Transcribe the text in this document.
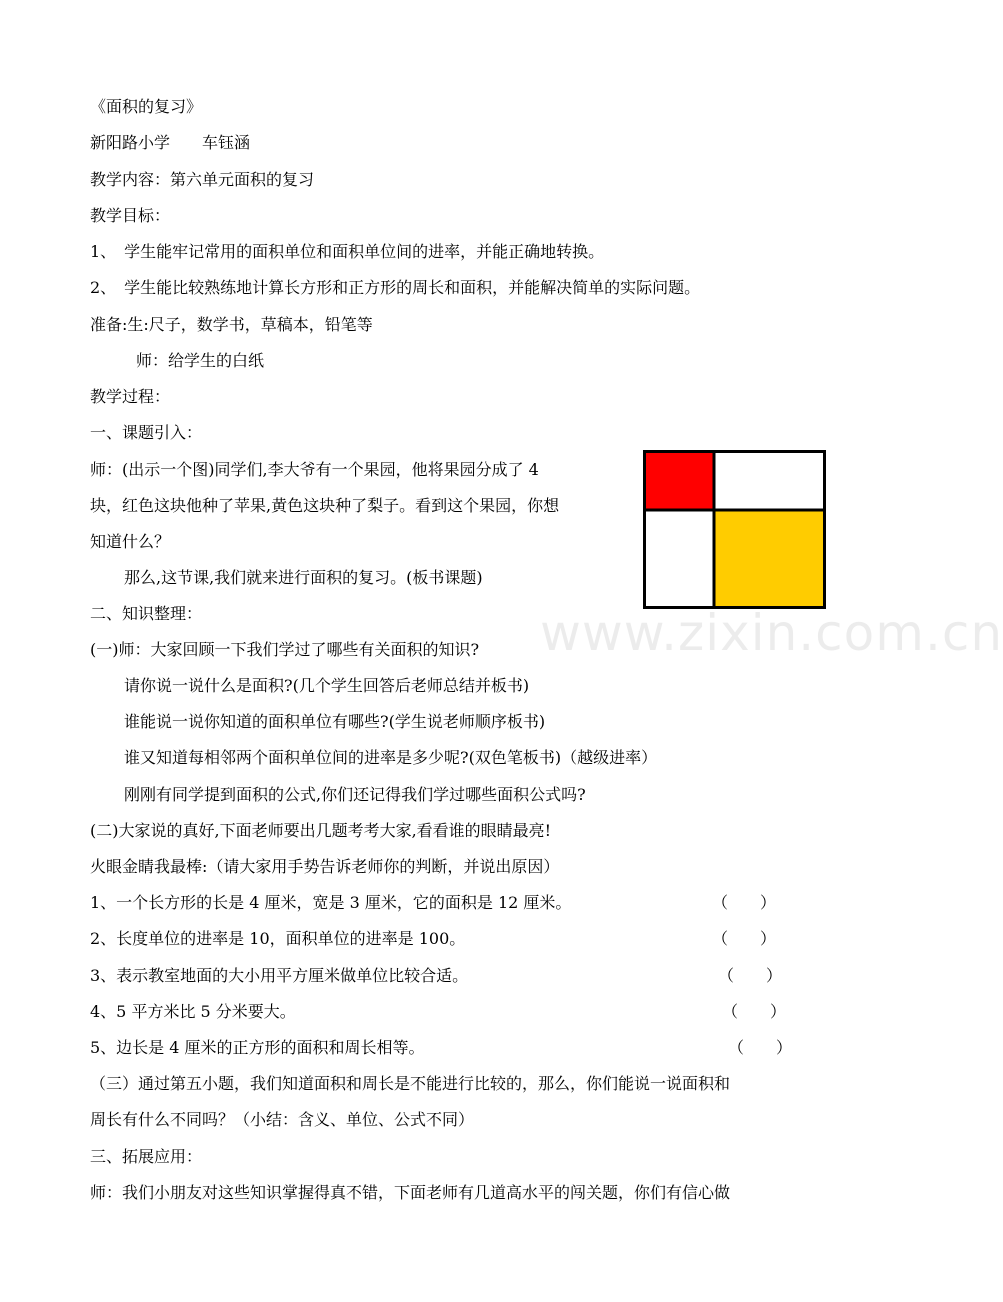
《面积的复习》
新阳路小学　　车钰涵
教学内容：第六单元面积的复习
教学目标：
1、　学生能牢记常用的面积单位和面积单位间的进率，并能正确地转换。
2、　学生能比较熟练地计算长方形和正方形的周长和面积，并能解决简单的实际问题。
准备:生:尺子，数学书，草稿本，铅笔等
师：给学生的白纸
教学过程：
一、课题引入：
师：(出示一个图)同学们,李大爷有一个果园，他将果园分成了 4
块，红色这块他种了苹果,黄色这块种了梨子。看到这个果园，你想
知道什么？
那么,这节课,我们就来进行面积的复习。(板书课题)
二、知识整理：	www.zixin.com.cn
(一)师：大家回顾一下我们学过了哪些有关面积的知识?
请你说一说什么是面积?(几个学生回答后老师总结并板书)
谁能说一说你知道的面积单位有哪些?(学生说老师顺序板书)
谁又知道每相邻两个面积单位间的进率是多少呢?(双色笔板书)（越级进率）
刚刚有同学提到面积的公式,你们还记得我们学过哪些面积公式吗?
(二)大家说的真好,下面老师要出几题考考大家,看看谁的眼睛最亮!
火眼金睛我最棒:（请大家用手势告诉老师你的判断，并说出原因）
1、一个长方形的长是 4 厘米，宽是 3 厘米，它的面积是 12 厘米。	（　　）
2、长度单位的进率是 10，面积单位的进率是 100。	（　　）
3、表示教室地面的大小用平方厘米做单位比较合适。	（　　）
4、5 平方米比 5 分米要大。	（　　）
5、边长是 4 厘米的正方形的面积和周长相等。	（　　）
（三）通过第五小题，我们知道面积和周长是不能进行比较的，那么，你们能说一说面积和
周长有什么不同吗？（小结：含义、单位、公式不同）
三、拓展应用：
师：我们小朋友对这些知识掌握得真不错，下面老师有几道高水平的闯关题，你们有信心做
